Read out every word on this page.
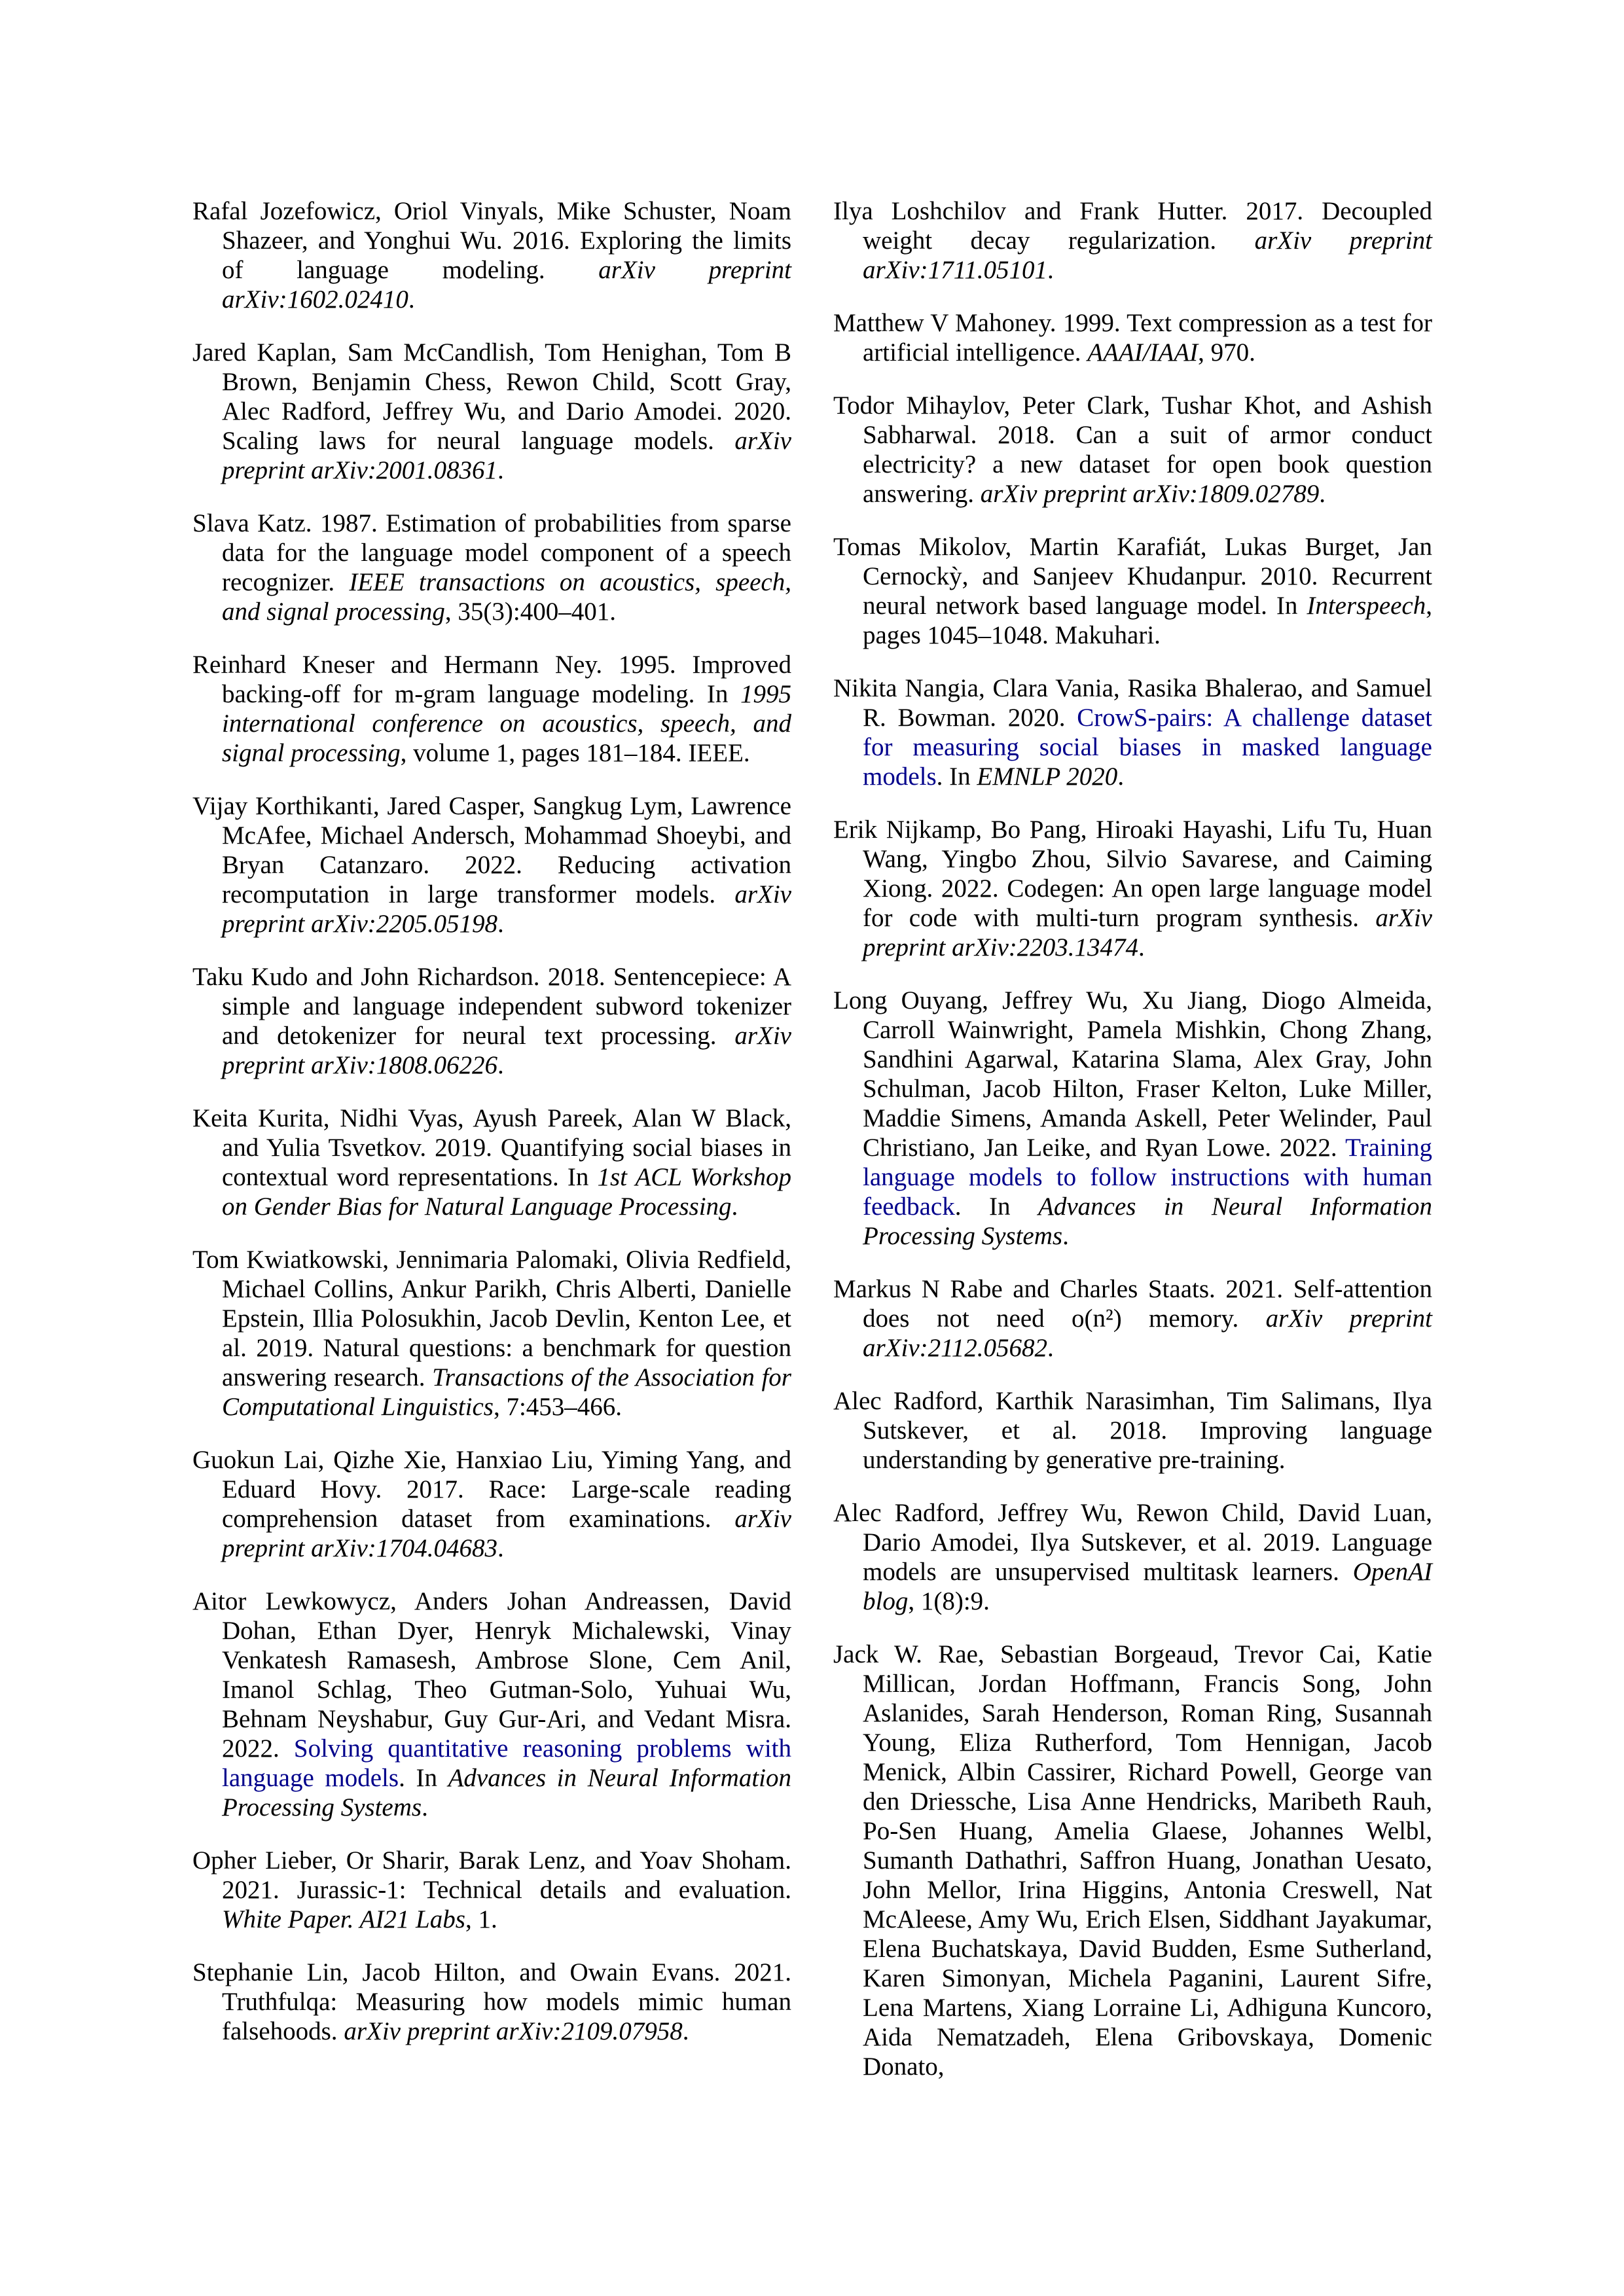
Rafal Jozefowicz, Oriol Vinyals, Mike Schuster, Noam Shazeer, and Yonghui Wu. 2016. Exploring the limits of language modeling. arXiv preprint arXiv:1602.02410.

Jared Kaplan, Sam McCandlish, Tom Henighan, Tom B Brown, Benjamin Chess, Rewon Child, Scott Gray, Alec Radford, Jeffrey Wu, and Dario Amodei. 2020. Scaling laws for neural language models. arXiv preprint arXiv:2001.08361.

Slava Katz. 1987. Estimation of probabilities from sparse data for the language model component of a speech recognizer. IEEE transactions on acoustics, speech, and signal processing, 35(3):400–401.

Reinhard Kneser and Hermann Ney. 1995. Improved backing-off for m-gram language modeling. In 1995 international conference on acoustics, speech, and signal processing, volume 1, pages 181–184. IEEE.

Vijay Korthikanti, Jared Casper, Sangkug Lym, Lawrence McAfee, Michael Andersch, Mohammad Shoeybi, and Bryan Catanzaro. 2022. Reducing activation recomputation in large transformer models. arXiv preprint arXiv:2205.05198.

Taku Kudo and John Richardson. 2018. Sentencepiece: A simple and language independent subword tokenizer and detokenizer for neural text processing. arXiv preprint arXiv:1808.06226.

Keita Kurita, Nidhi Vyas, Ayush Pareek, Alan W Black, and Yulia Tsvetkov. 2019. Quantifying social biases in contextual word representations. In 1st ACL Workshop on Gender Bias for Natural Language Processing.

Tom Kwiatkowski, Jennimaria Palomaki, Olivia Redfield, Michael Collins, Ankur Parikh, Chris Alberti, Danielle Epstein, Illia Polosukhin, Jacob Devlin, Kenton Lee, et al. 2019. Natural questions: a benchmark for question answering research. Transactions of the Association for Computational Linguistics, 7:453–466.

Guokun Lai, Qizhe Xie, Hanxiao Liu, Yiming Yang, and Eduard Hovy. 2017. Race: Large-scale reading comprehension dataset from examinations. arXiv preprint arXiv:1704.04683.

Aitor Lewkowycz, Anders Johan Andreassen, David Dohan, Ethan Dyer, Henryk Michalewski, Vinay Venkatesh Ramasesh, Ambrose Slone, Cem Anil, Imanol Schlag, Theo Gutman-Solo, Yuhuai Wu, Behnam Neyshabur, Guy Gur-Ari, and Vedant Misra. 2022. Solving quantitative reasoning problems with language models. In Advances in Neural Information Processing Systems.

Opher Lieber, Or Sharir, Barak Lenz, and Yoav Shoham. 2021. Jurassic-1: Technical details and evaluation. White Paper. AI21 Labs, 1.

Stephanie Lin, Jacob Hilton, and Owain Evans. 2021. Truthfulqa: Measuring how models mimic human falsehoods. arXiv preprint arXiv:2109.07958.

Ilya Loshchilov and Frank Hutter. 2017. Decoupled weight decay regularization. arXiv preprint arXiv:1711.05101.

Matthew V Mahoney. 1999. Text compression as a test for artificial intelligence. AAAI/IAAI, 970.

Todor Mihaylov, Peter Clark, Tushar Khot, and Ashish Sabharwal. 2018. Can a suit of armor conduct electricity? a new dataset for open book question answering. arXiv preprint arXiv:1809.02789.

Tomas Mikolov, Martin Karafiát, Lukas Burget, Jan Cernockỳ, and Sanjeev Khudanpur. 2010. Recurrent neural network based language model. In Interspeech, pages 1045–1048. Makuhari.

Nikita Nangia, Clara Vania, Rasika Bhalerao, and Samuel R. Bowman. 2020. CrowS-pairs: A challenge dataset for measuring social biases in masked language models. In EMNLP 2020.

Erik Nijkamp, Bo Pang, Hiroaki Hayashi, Lifu Tu, Huan Wang, Yingbo Zhou, Silvio Savarese, and Caiming Xiong. 2022. Codegen: An open large language model for code with multi-turn program synthesis. arXiv preprint arXiv:2203.13474.

Long Ouyang, Jeffrey Wu, Xu Jiang, Diogo Almeida, Carroll Wainwright, Pamela Mishkin, Chong Zhang, Sandhini Agarwal, Katarina Slama, Alex Gray, John Schulman, Jacob Hilton, Fraser Kelton, Luke Miller, Maddie Simens, Amanda Askell, Peter Welinder, Paul Christiano, Jan Leike, and Ryan Lowe. 2022. Training language models to follow instructions with human feedback. In Advances in Neural Information Processing Systems.

Markus N Rabe and Charles Staats. 2021. Self-attention does not need o(n²) memory. arXiv preprint arXiv:2112.05682.

Alec Radford, Karthik Narasimhan, Tim Salimans, Ilya Sutskever, et al. 2018. Improving language understanding by generative pre-training.

Alec Radford, Jeffrey Wu, Rewon Child, David Luan, Dario Amodei, Ilya Sutskever, et al. 2019. Language models are unsupervised multitask learners. OpenAI blog, 1(8):9.

Jack W. Rae, Sebastian Borgeaud, Trevor Cai, Katie Millican, Jordan Hoffmann, Francis Song, John Aslanides, Sarah Henderson, Roman Ring, Susannah Young, Eliza Rutherford, Tom Hennigan, Jacob Menick, Albin Cassirer, Richard Powell, George van den Driessche, Lisa Anne Hendricks, Maribeth Rauh, Po-Sen Huang, Amelia Glaese, Johannes Welbl, Sumanth Dathathri, Saffron Huang, Jonathan Uesato, John Mellor, Irina Higgins, Antonia Creswell, Nat McAleese, Amy Wu, Erich Elsen, Siddhant Jayakumar, Elena Buchatskaya, David Budden, Esme Sutherland, Karen Simonyan, Michela Paganini, Laurent Sifre, Lena Martens, Xiang Lorraine Li, Adhiguna Kuncoro, Aida Nematzadeh, Elena Gribovskaya, Domenic Donato,
